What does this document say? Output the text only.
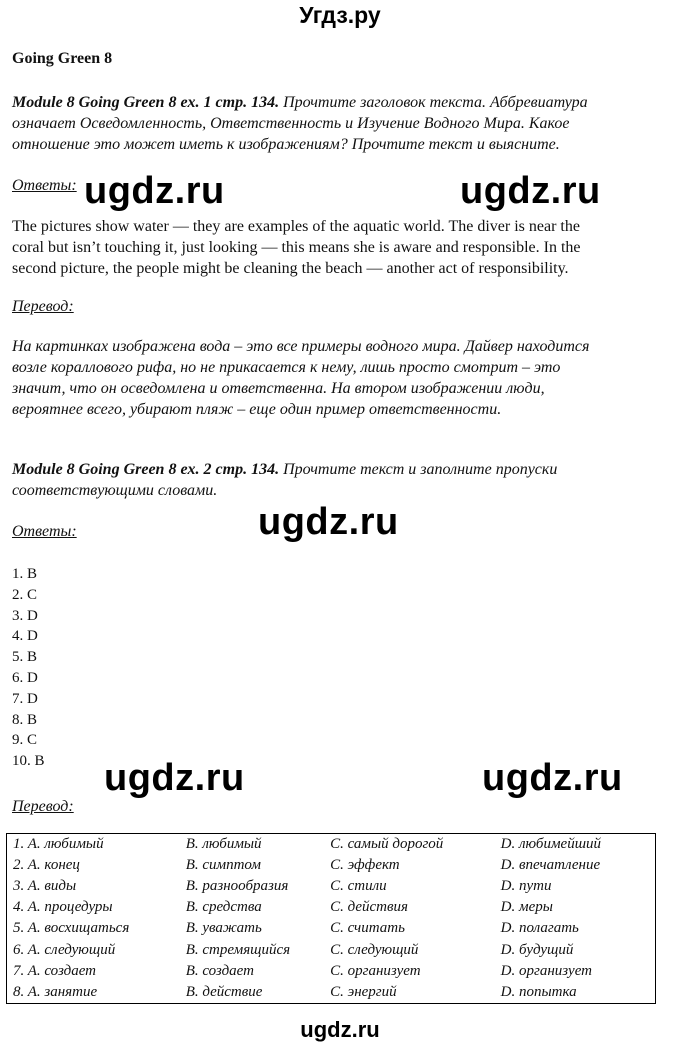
Угдз.ру
Going Green 8
Module 8 Going Green 8 ex. 1 стр. 134. Прочтите заголовок текста. Аббревиатура
означает Осведомленность, Ответственность и Изучение Водного Мира. Какое
отношение это может иметь к изображениям? Прочтите текст и выясните.
Ответы: ugdz.ru	ugdz.ru
The pictures show water — they are examples of the aquatic world. The diver is near the
coral but isn’t touching it, just looking — this means she is aware and responsible. In the
second picture, the people might be cleaning the beach — another act of responsibility.
Перевод:
На картинках изображена вода – это все примеры водного мира. Дайвер находится
возле кораллового рифа, но не прикасается к нему, лишь просто смотрит – это
значит, что он осведомлена и ответственна. На втором изображении люди,
вероятнее всего, убирают пляж – еще один пример ответственности.
Module 8 Going Green 8 ex. 2 стр. 134. Прочтите текст и заполните пропуски
соответствующими словами.
Ответы:	ugdz.ru
1. B
2. C
3. D
4. D
5. B
6. D
7. D
8. B
9. C
10. B	ugdz.ru	ugdz.ru
Перевод:
1. A. любимый	B. любимый	C. самый дорогой	D. любимейший
2. A. конец	B. симптом	C. эффект	D. впечатление
3. A. виды	B. разнообразия	C. стили	D. пути
4. A. процедуры	B. средства	C. действия	D. меры
5. A. восхищаться	B. уважать	C. считать	D. полагать
6. A. следующий	B. стремящийся	C. следующий	D. будущий
7. A. создает	B. создает	C. организует	D. организует
8. A. занятие	B. действие	C. энергий	D. попытка
ugdz.ru
